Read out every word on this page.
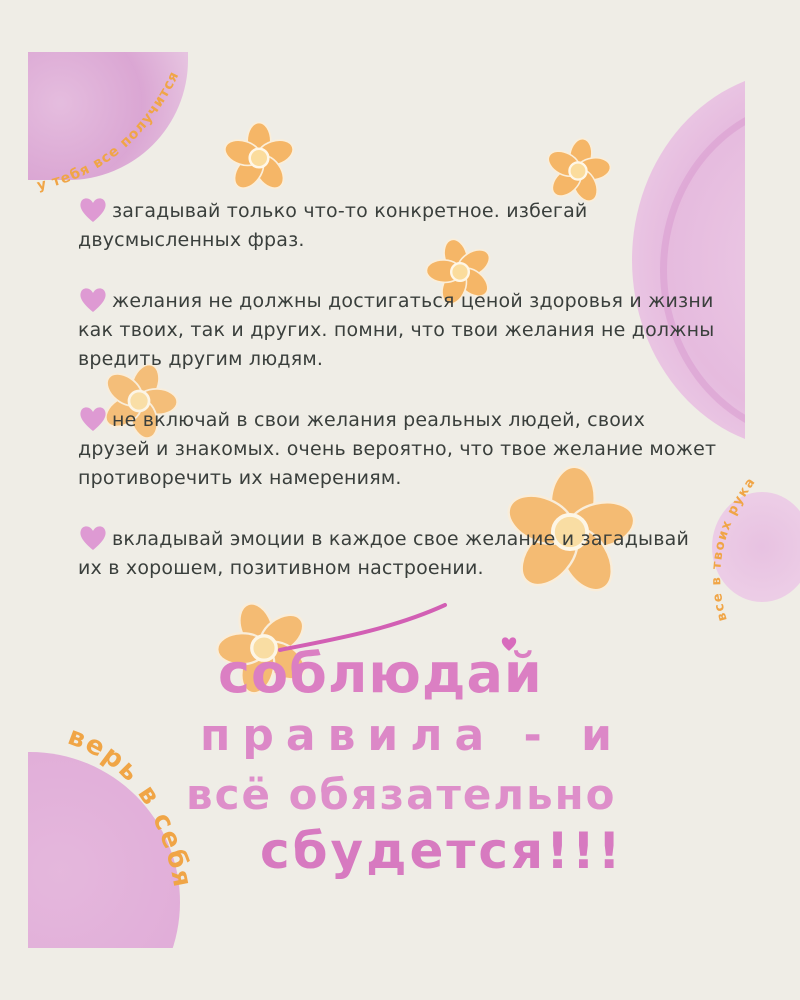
у тебя все получится
все в твоих руках
верь в себя
загадывай только что-то конкретное. избегай двусмысленных фраз.
желания не должны достигаться ценой здоровья и жизни как твоих, так и других. помни, что твои желания не должны вредить другим людям.
не включай в свои желания реальных людей, своих друзей и знакомых. очень вероятно, что твое желание может противоречить их намерениям.
вкладывай эмоции в каждое свое желание и загадывай их в хорошем, позитивном настроении.
соблюдай
правила - и
всё обязательно
сбудется!!!
